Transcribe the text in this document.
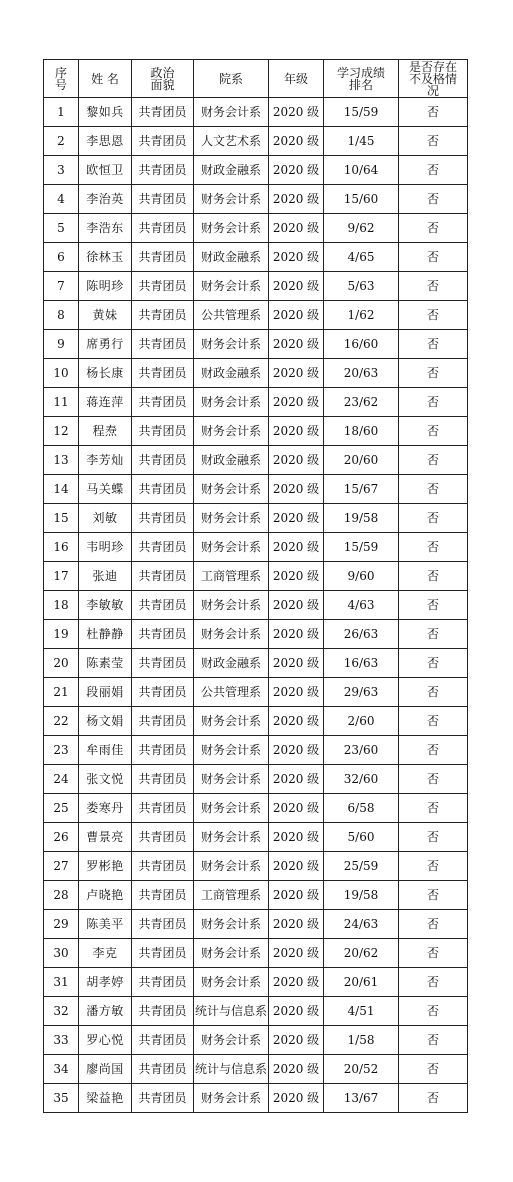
序号	姓 名	政治面貌	院系	年级	学习成绩排名	是否存在不及格情况

1	黎如兵	共青团员	财务会计系	2020 级	15/59	否
2	李思恩	共青团员	人文艺术系	2020 级	1/45	否
3	欧恒卫	共青团员	财政金融系	2020 级	10/64	否
4	李治英	共青团员	财务会计系	2020 级	15/60	否
5	李浩东	共青团员	财务会计系	2020 级	9/62	否
6	徐林玉	共青团员	财政金融系	2020 级	4/65	否
7	陈明珍	共青团员	财务会计系	2020 级	5/63	否
8	黄妹	共青团员	公共管理系	2020 级	1/62	否
9	席勇行	共青团员	财务会计系	2020 级	16/60	否
10	杨长康	共青团员	财政金融系	2020 级	20/63	否
11	蒋连萍	共青团员	财务会计系	2020 级	23/62	否
12	程焘	共青团员	财务会计系	2020 级	18/60	否
13	李芳灿	共青团员	财政金融系	2020 级	20/60	否
14	马关蝶	共青团员	财务会计系	2020 级	15/67	否
15	刘敏	共青团员	财务会计系	2020 级	19/58	否
16	韦明珍	共青团员	财务会计系	2020 级	15/59	否
17	张迪	共青团员	工商管理系	2020 级	9/60	否
18	李敏敏	共青团员	财务会计系	2020 级	4/63	否
19	杜静静	共青团员	财务会计系	2020 级	26/63	否
20	陈素莹	共青团员	财政金融系	2020 级	16/63	否
21	段丽娟	共青团员	公共管理系	2020 级	29/63	否
22	杨文娟	共青团员	财务会计系	2020 级	2/60	否
23	牟雨佳	共青团员	财务会计系	2020 级	23/60	否
24	张文悦	共青团员	财务会计系	2020 级	32/60	否
25	娄寒丹	共青团员	财务会计系	2020 级	6/58	否
26	曹景亮	共青团员	财务会计系	2020 级	5/60	否
27	罗彬艳	共青团员	财务会计系	2020 级	25/59	否
28	卢晓艳	共青团员	工商管理系	2020 级	19/58	否
29	陈美平	共青团员	财务会计系	2020 级	24/63	否
30	李克	共青团员	财务会计系	2020 级	20/62	否
31	胡孝婷	共青团员	财务会计系	2020 级	20/61	否
32	潘方敏	共青团员	统计与信息系	2020 级	4/51	否
33	罗心悦	共青团员	财务会计系	2020 级	1/58	否
34	廖尚国	共青团员	统计与信息系	2020 级	20/52	否
35	梁益艳	共青团员	财务会计系	2020 级	13/67	否
